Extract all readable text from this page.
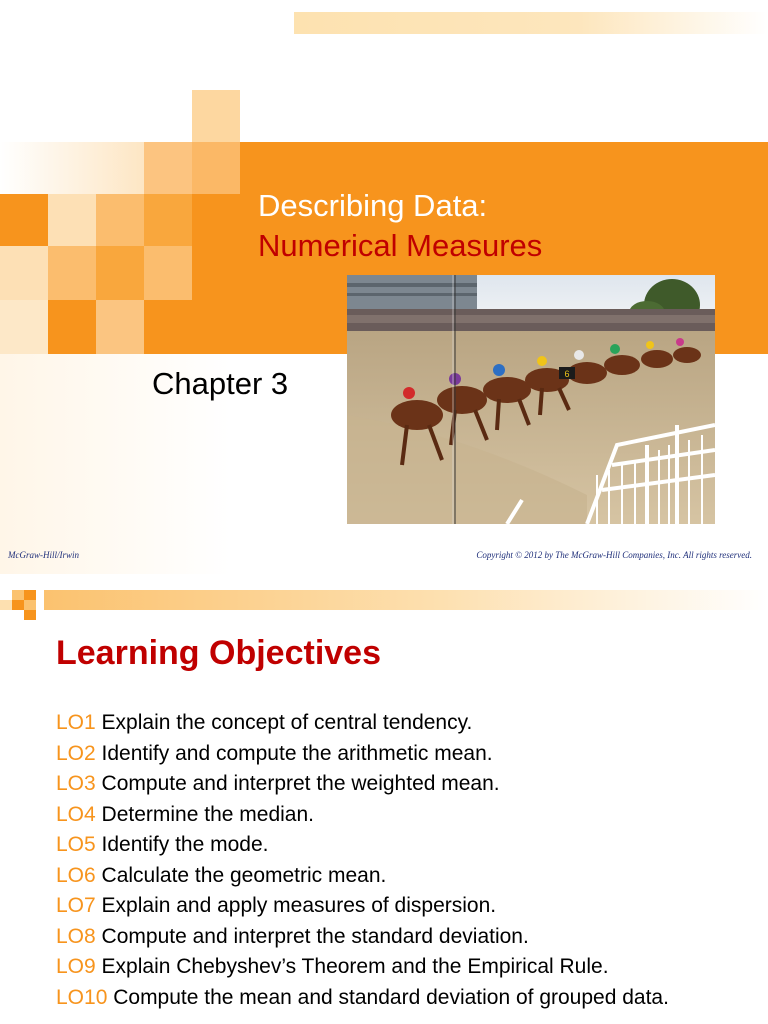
Describing Data:
Numerical Measures
Chapter 3	6
McGraw-Hill/Irwin	Copyright © 2012 by The McGraw-Hill Companies, Inc. All rights reserved.
Learning Objectives
LO1 Explain the concept of central tendency.
LO2 Identify and compute the arithmetic mean.
LO3 Compute and interpret the weighted mean.
LO4 Determine the median.
LO5 Identify the mode.
LO6 Calculate the geometric mean.
LO7 Explain and apply measures of dispersion.
LO8 Compute and interpret the standard deviation.
LO9 Explain Chebyshev’s Theorem and the Empirical Rule.
LO10 Compute the mean and standard deviation of grouped data.
